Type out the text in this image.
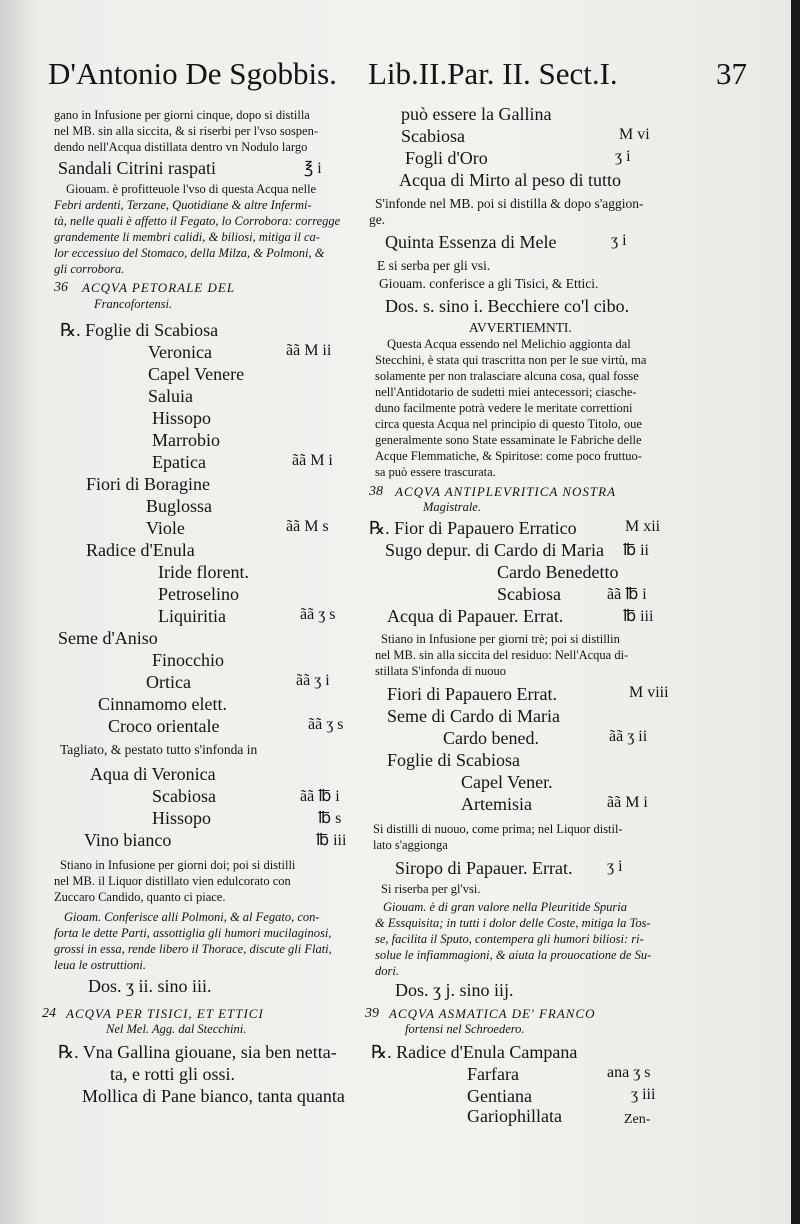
D'Antonio De Sgobbis. Lib.II.Par. II. Sect.I.	37
gano in Infusione per giorni cinque, dopo si distilla
nel MB. sin alla siccita, & si riserbi per l'vso sospen-
dendo nell'Acqua distillata dentro vn Nodulo largo
Sandali Citrini raspati	℥ i
Giouam. è profitteuole l'vso di questa Acqua nelle
Febri ardenti, Terzane, Quotidiane & altre Infermi-
tà, nelle quali è affetto il Fegato, lo Corrobora: corregge
grandemente li membri calidi, & biliosi, mitiga il ca-
lor eccessiuo del Stomaco, della Milza, & Polmoni, &
gli corrobora.
36 ACQVA PETORALE DEL
Francofortensi.
℞. Foglie di Scabiosa
Veronica	ãã M ii
Capel Venere
Saluia
Hissopo
Marrobio
Epatica	ãã M i
Fiori di Boragine
Buglossa
Viole	ãã M s
Radice d'Enula
Iride florent.
Petroselino
Liquiritia	ãã ʒ s
Seme d'Aniso
Finocchio
Ortica	ãã ʒ i
Cinnamomo elett.
Croco orientale	ãã ʒ s
Tagliato, & pestato tutto s'infonda in
Aqua di Veronica
Scabiosa	ãã ℔ i
Hissopo	℔ s
Vino bianco	℔ iii
Stiano in Infusione per giorni doi; poi si distilli
nel MB. il Liquor distillato vien edulcorato con
Zuccaro Candido, quanto ci piace.
Gioam. Conferisce alli Polmoni, & al Fegato, con-
forta le dette Parti, assottiglia gli humori mucilaginosi,
grossi in essa, rende libero il Thorace, discute gli Flati,
leua le ostruttioni.
Dos. ʒ ii. sino iii.
24 ACQVA PER TISICI, ET ETTICI
Nel Mel. Agg. dal Stecchini.
℞. Vna Gallina giouane, sia ben netta-
ta, e rotti gli ossi.
Mollica di Pane bianco, tanta quanta
può essere la Gallina
Scabiosa	M vi
Fogli d'Oro	ʒ i
Acqua di Mirto al peso di tutto
S'infonde nel MB. poi si distilla & dopo s'aggion-
ge.
Quinta Essenza di Mele	ʒ i
E si serba per gli vsi.
Giouam. conferisce a gli Tisici, & Ettici.
Dos. s. sino i. Becchiere co'l cibo.
AVVERTIEMNTI.
Questa Acqua essendo nel Melichio aggionta dal
Stecchini, è stata qui trascritta non per le sue virtù, ma
solamente per non tralasciare alcuna cosa, qual fosse
nell'Antidotario de sudetti miei antecessori; ciasche-
duno facilmente potrà vedere le meritate correttioni
circa questa Acqua nel principio di questo Titolo, oue
generalmente sono State essaminate le Fabriche delle
Acque Flemmatiche, & Spiritose: come poco fruttuo-
sa può essere trascurata.
38 ACQVA ANTIPLEVRITICA NOSTRA
Magistrale.
℞. Fior di Papauero Erratico	M xii
Sugo depur. di Cardo di Maria ℔ ii
Cardo Benedetto
Scabiosa	ãã ℔ i
Acqua di Papauer. Errat.	℔ iii
Stiano in Infusione per giorni trè; poi si distillin
nel MB. sin alla siccita del residuo: Nell'Acqua di-
stillata S'infonda di nuouo
Fiori di Papauero Errat.	M viii
Seme di Cardo di Maria
Cardo bened.	ãã ʒ ii
Foglie di Scabiosa
Capel Vener.
Artemisia	ãã M i
Si distilli di nuouo, come prima; nel Liquor distil-
lato s'aggionga
Siropo di Papauer. Errat. ʒ i
Si riserba per gl'vsi.
Giouam. è di gran valore nella Pleuritide Spuria
& Essquisita; in tutti i dolor delle Coste, mitiga la Tos-
se, facilita il Sputo, contempera gli humori biliosi: ri-
solue le infiammagioni, & aiuta la prouocatione de Su-
dori.
Dos. ʒ j. sino iij.
39 ACQVA ASMATICA DE' FRANCO
fortensi nel Schroedero.
℞. Radice d'Enula Campana
Farfara	ana ʒ s
Gentiana	ʒ iii
Gariophillata	Zen-
